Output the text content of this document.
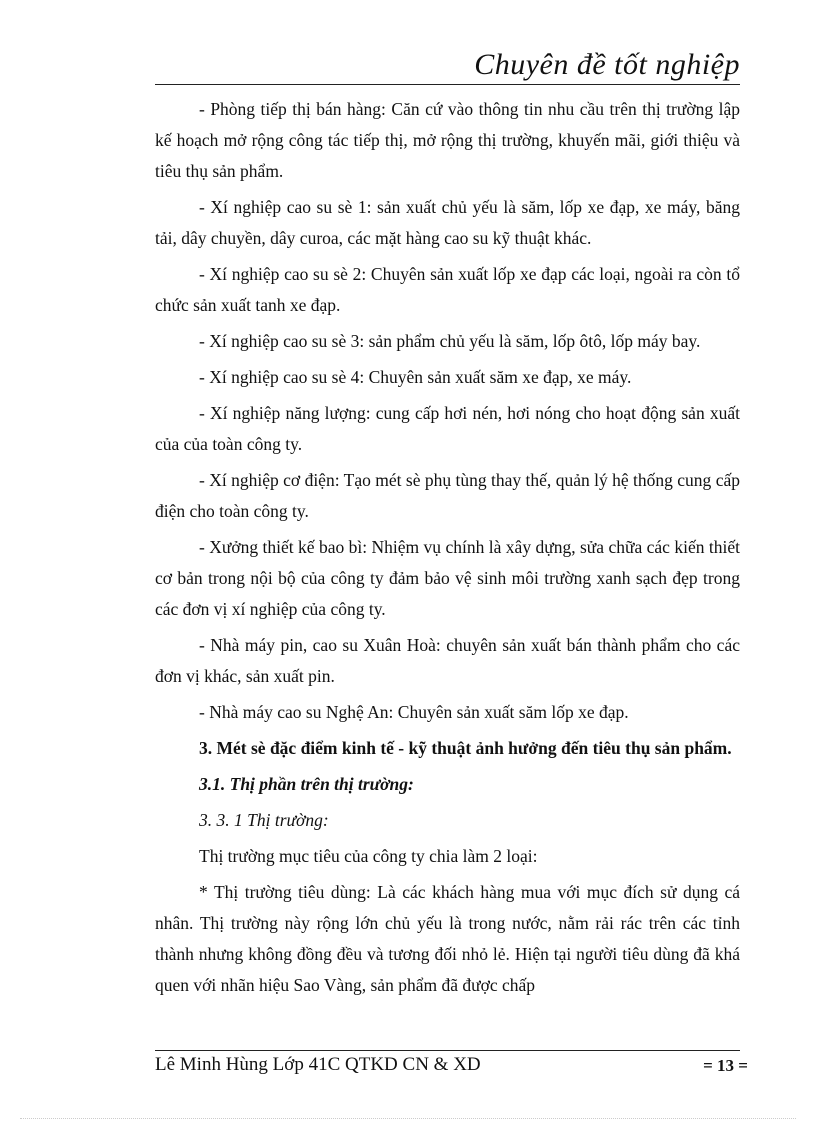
Chuyên đề tốt nghiệp

- Phòng tiếp thị bán hàng: Căn cứ vào thông tin nhu cầu trên thị trường lập kế hoạch mở rộng công tác tiếp thị, mở rộng thị trường, khuyến mãi, giới thiệu và tiêu thụ sản phẩm.

- Xí nghiệp cao su sè 1: sản xuất chủ yếu là săm, lốp xe đạp, xe máy, băng tải, dây chuyền, dây curoa, các mặt hàng cao su kỹ thuật khác.

- Xí nghiệp cao su sè 2: Chuyên sản xuất lốp xe đạp các loại, ngoài ra còn tổ chức sản xuất tanh xe đạp.

- Xí nghiệp cao su sè 3: sản phẩm chủ yếu là săm, lốp ôtô, lốp máy bay.

- Xí nghiệp cao su sè 4: Chuyên sản xuất săm xe đạp, xe máy.

- Xí nghiệp năng lượng: cung cấp hơi nén, hơi nóng cho hoạt động sản xuất của của toàn công ty.

- Xí nghiệp cơ điện: Tạo mét sè phụ tùng thay thế, quản lý hệ thống cung cấp điện cho toàn công ty.

- Xưởng thiết kế bao bì: Nhiệm vụ chính là xây dựng, sửa chữa các kiến thiết cơ bản trong nội bộ của công ty đảm bảo vệ sinh môi trường xanh sạch đẹp trong các đơn vị xí nghiệp của công ty.

- Nhà máy pin, cao su Xuân Hoà: chuyên sản xuất bán thành phẩm cho các đơn vị khác, sản xuất pin.

- Nhà máy cao su Nghệ An: Chuyên sản xuất săm lốp xe đạp.

3. Mét sè đặc điểm kinh tế - kỹ thuật ảnh hưởng đến tiêu thụ sản phẩm.

3.1. Thị phần trên thị trường:

3. 3. 1 Thị trường:

Thị trường mục tiêu của công ty chia làm 2 loại:

* Thị trường tiêu dùng: Là các khách hàng mua với mục đích sử dụng cá nhân. Thị trường này rộng lớn chủ yếu là trong nước, nằm rải rác trên các tỉnh thành nhưng không đồng đều và tương đối nhỏ lẻ. Hiện tại người tiêu dùng đã khá quen với nhãn hiệu Sao Vàng, sản phẩm đã được chấp

Lê Minh Hùng Lớp 41C QTKD CN & XD	= 13 =
